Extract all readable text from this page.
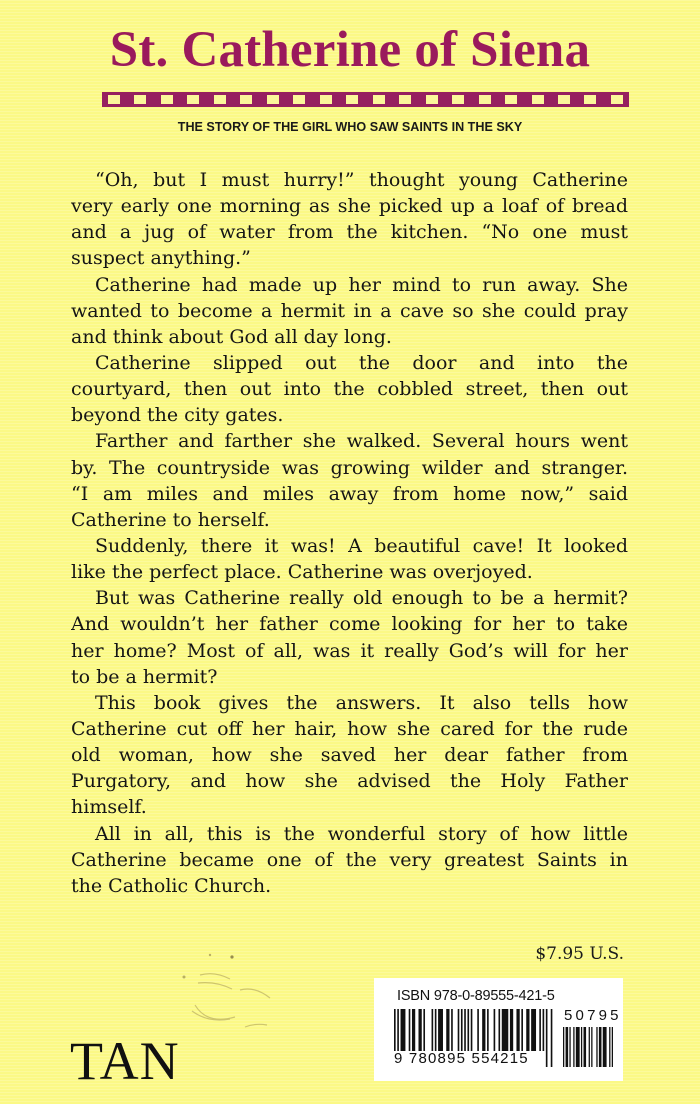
St. Catherine of Siena
THE STORY OF THE GIRL WHO SAW SAINTS IN THE SKY
“Oh, but I must hurry!” thought young Catherine
very early one morning as she picked up a loaf of bread
and a jug of water from the kitchen. “No one must
suspect anything.”
Catherine had made up her mind to run away. She
wanted to become a hermit in a cave so she could pray
and think about God all day long.
Catherine slipped out the door and into the
courtyard, then out into the cobbled street, then out
beyond the city gates.
Farther and farther she walked. Several hours went
by. The countryside was growing wilder and stranger.
“I am miles and miles away from home now,” said
Catherine to herself.
Suddenly, there it was! A beautiful cave! It looked
like the perfect place. Catherine was overjoyed.
But was Catherine really old enough to be a hermit?
And wouldn’t her father come looking for her to take
her home? Most of all, was it really God’s will for her
to be a hermit?
This book gives the answers. It also tells how
Catherine cut off her hair, how she cared for the rude
old woman, how she saved her dear father from
Purgatory, and how she advised the Holy Father
himself.
All in all, this is the wonderful story of how little
Catherine became one of the very greatest Saints in
the Catholic Church.
$7.95 U.S.
TAN
ISBN 978-0-89555-421-5
9 780895 554215
50795
